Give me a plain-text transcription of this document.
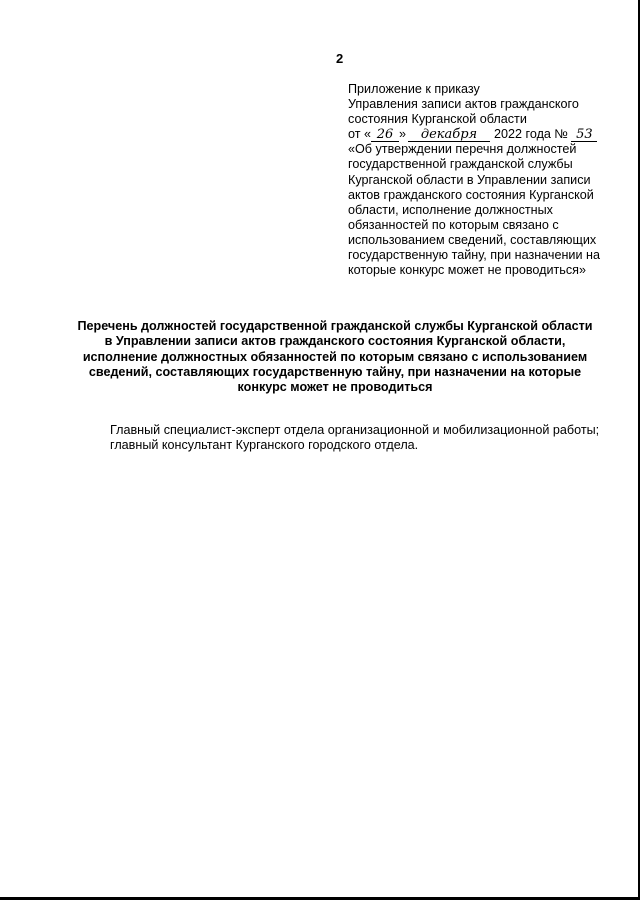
2
Приложение к приказу
Управления записи актов гражданского
состояния Курганской области
от « 26 » декабря 2022 года № 53
«Об утверждении перечня должностей
государственной гражданской службы
Курганской области в Управлении записи
актов гражданского состояния Курганской
области, исполнение должностных
обязанностей по которым связано с
использованием сведений, составляющих
государственную тайну, при назначении на
которые конкурс может не проводиться»
Перечень должностей государственной гражданской службы Курганской области
в Управлении записи актов гражданского состояния Курганской области,
исполнение должностных обязанностей по которым связано с использованием
сведений, составляющих государственную тайну, при назначении на которые
конкурс может не проводиться

Главный специалист-эксперт отдела организационной и мобилизационной работы;

главный консультант Курганского городского отдела.
